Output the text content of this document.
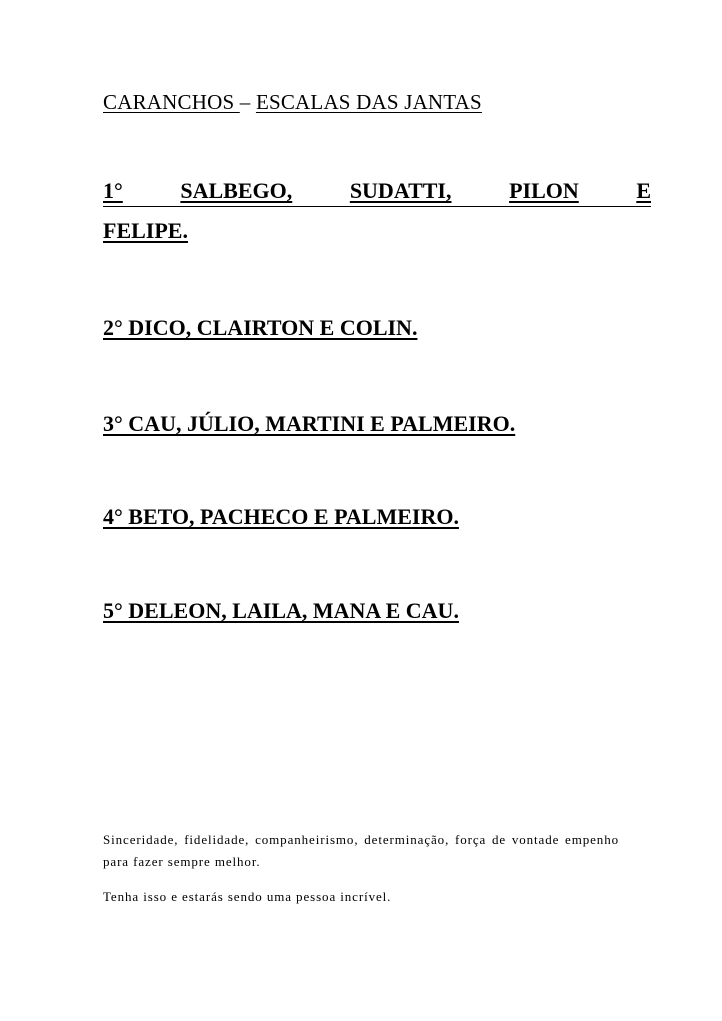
CARANCHOS – ESCALAS DAS JANTAS
1°	SALBEGO,	SUDATTI,	PILON	E
FELIPE.
2° DICO, CLAIRTON E COLIN.
3° CAU, JÚLIO, MARTINI E PALMEIRO.
4° BETO, PACHECO E PALMEIRO.
5° DELEON, LAILA, MANA E CAU.
Sinceridade, fidelidade, companheirismo, determinação, força de vontade empenho para fazer sempre melhor.
Tenha isso e estarás sendo uma pessoa incrível.
